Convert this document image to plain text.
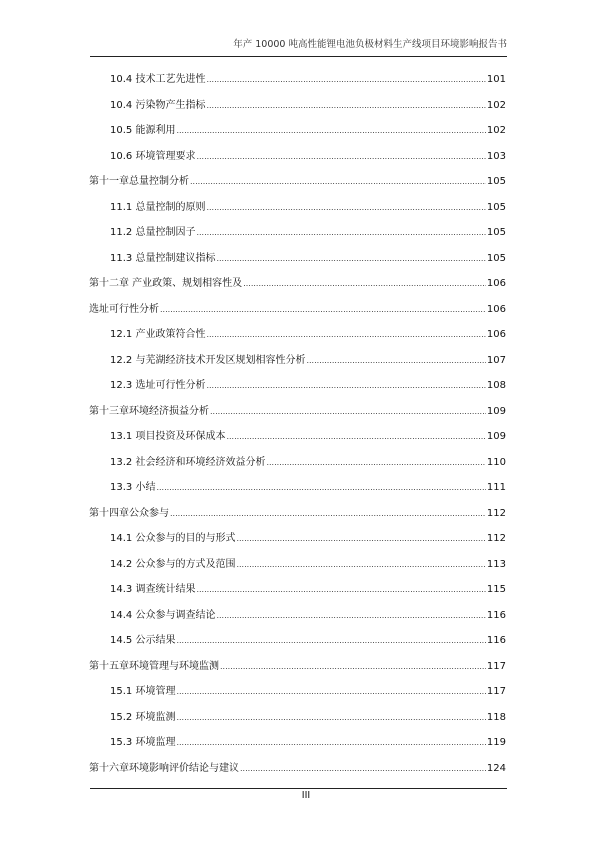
年产 10000 吨高性能锂电池负极材料生产线项目环境影响报告书
10.4 技术工艺先进性 .....	101
10.4 污染物产生指标 .....	102
10.5 能源利用 .....	102
10.6 环境管理要求 .....	103
第十一章总量控制分析 .....	105
11.1 总量控制的原则 .....	105
11.2 总量控制因子 .....	105
11.3 总量控制建议指标 .....	105
第十二章 产业政策、规划相容性及 .....	106
选址可行性分析 .....	106
12.1 产业政策符合性 .....	106
12.2 与芜湖经济技术开发区规划相容性分析 .....	107
12.3 选址可行性分析 .....	108
第十三章环境经济损益分析 .....	109
13.1 项目投资及环保成本 .....	109
13.2 社会经济和环境经济效益分析 .....	110
13.3 小结 .....	111
第十四章公众参与 .....	112
14.1 公众参与的目的与形式 .....	112
14.2 公众参与的方式及范围 .....	113
14.3 调查统计结果 .....	115
14.4 公众参与调查结论 .....	116
14.5 公示结果 .....	116
第十五章环境管理与环境监测 .....	117
15.1 环境管理 .....	117
15.2 环境监测 .....	118
15.3 环境监理 .....	119
第十六章环境影响评价结论与建议 .....	124
III
